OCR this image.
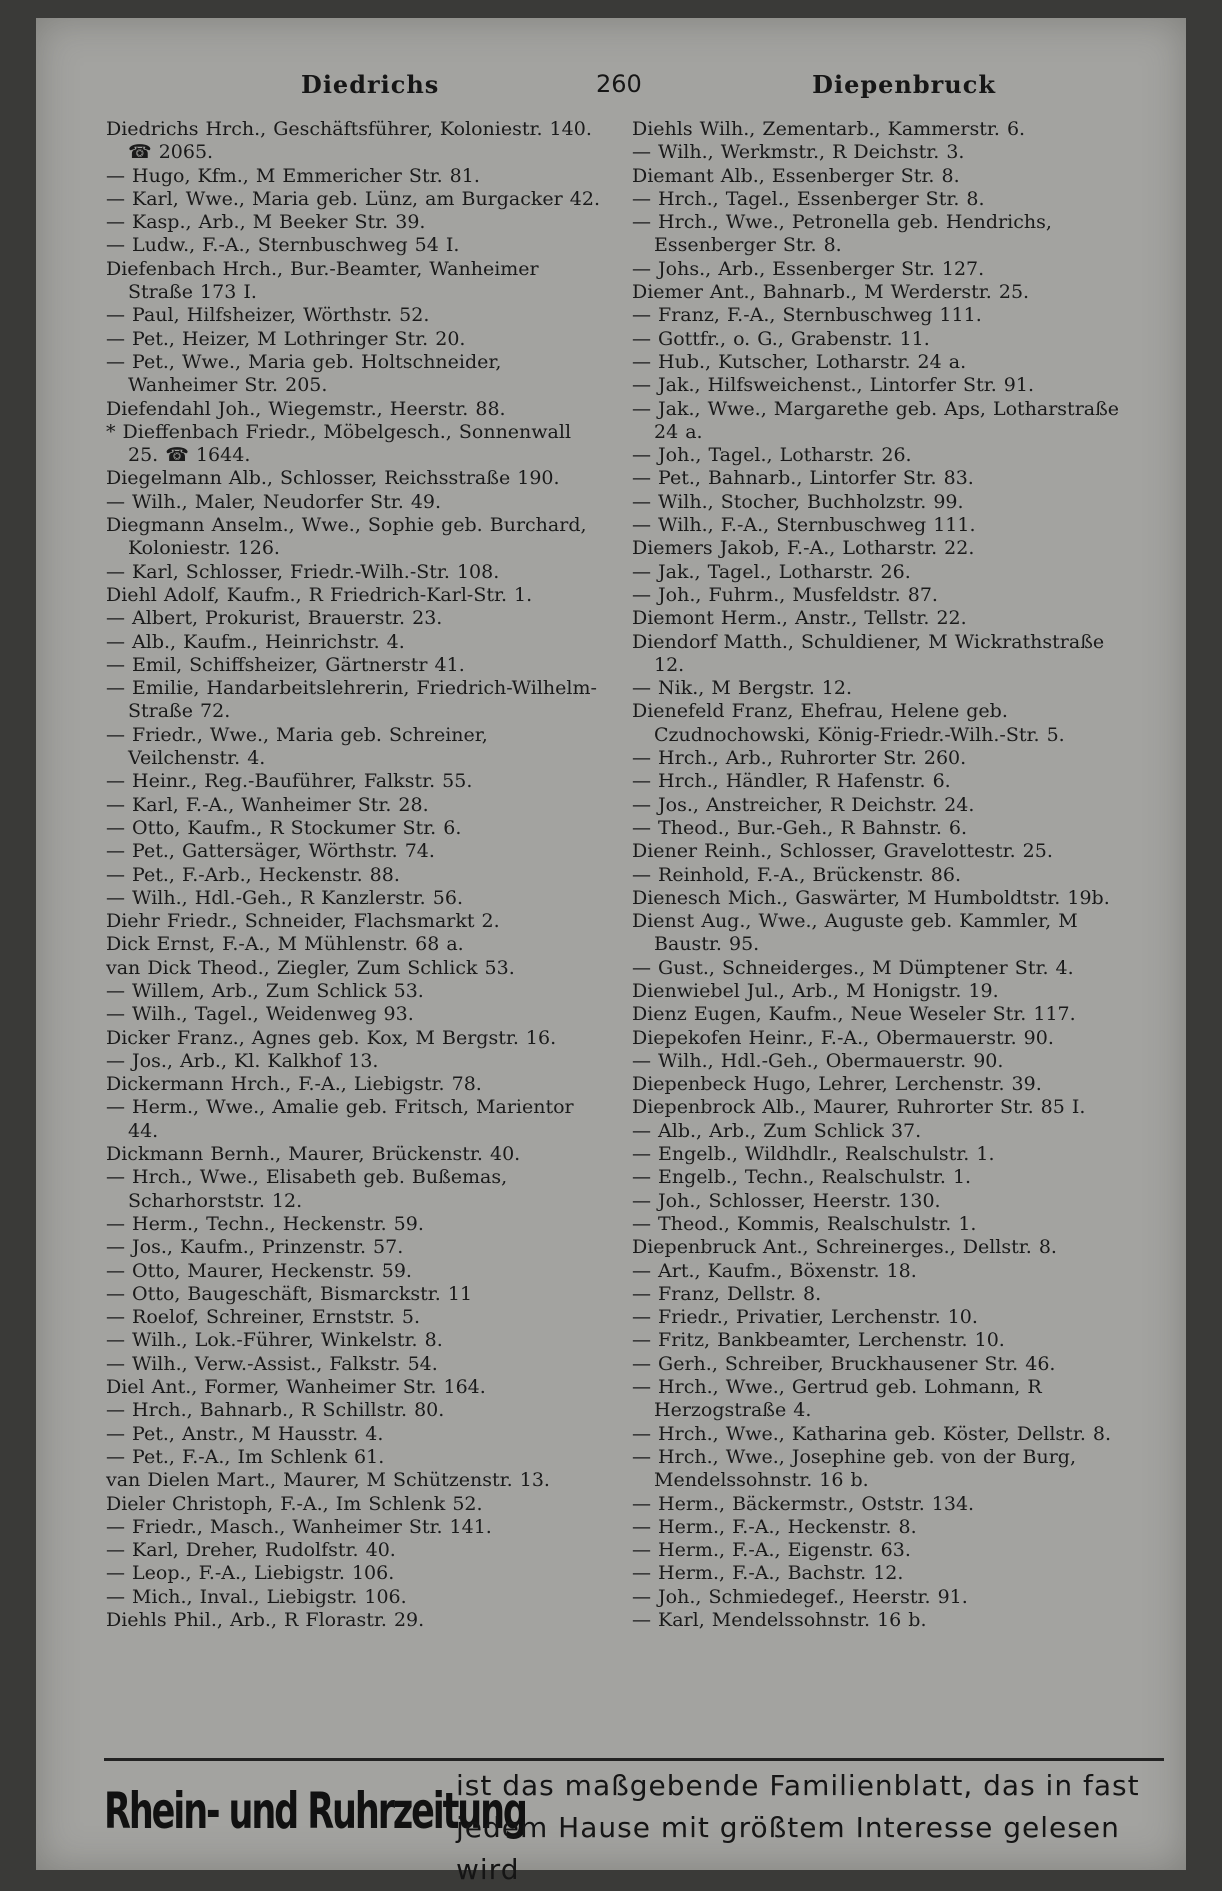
Diedrichs	260	Diepenbruck

Diedrichs Hrch., Geschäftsführer, Koloniestr. 140. ☎ 2065.

— Hugo, Kfm., M Emmericher Str. 81.

— Karl, Wwe., Maria geb. Lünz, am Burgacker 42.

— Kasp., Arb., M Beeker Str. 39.

— Ludw., F.-A., Sternbuschweg 54 I.

Diefenbach Hrch., Bur.-Beamter, Wanheimer Straße 173 I.

— Paul, Hilfsheizer, Wörthstr. 52.

— Pet., Heizer, M Lothringer Str. 20.

— Pet., Wwe., Maria geb. Holtschneider, Wanheimer Str. 205.

Diefendahl Joh., Wiegemstr., Heerstr. 88.

* Dieffenbach Friedr., Möbelgesch., Sonnenwall 25. ☎ 1644.

Diegelmann Alb., Schlosser, Reichsstraße 190.

— Wilh., Maler, Neudorfer Str. 49.

Diegmann Anselm., Wwe., Sophie geb. Burchard, Koloniestr. 126.

— Karl, Schlosser, Friedr.-Wilh.-Str. 108.

Diehl Adolf, Kaufm., R Friedrich-Karl-Str. 1.

— Albert, Prokurist, Brauerstr. 23.

— Alb., Kaufm., Heinrichstr. 4.

— Emil, Schiffsheizer, Gärtnerstr 41.

— Emilie, Handarbeitslehrerin, Friedrich-Wilhelm-Straße 72.

— Friedr., Wwe., Maria geb. Schreiner, Veilchenstr. 4.

— Heinr., Reg.-Bauführer, Falkstr. 55.

— Karl, F.-A., Wanheimer Str. 28.

— Otto, Kaufm., R Stockumer Str. 6.

— Pet., Gattersäger, Wörthstr. 74.

— Pet., F.-Arb., Heckenstr. 88.

— Wilh., Hdl.-Geh., R Kanzlerstr. 56.

Diehr Friedr., Schneider, Flachsmarkt 2.

Dick Ernst, F.-A., M Mühlenstr. 68 a.

van Dick Theod., Ziegler, Zum Schlick 53.

— Willem, Arb., Zum Schlick 53.

— Wilh., Tagel., Weidenweg 93.

Dicker Franz., Agnes geb. Kox, M Bergstr. 16.

— Jos., Arb., Kl. Kalkhof 13.

Dickermann Hrch., F.-A., Liebigstr. 78.

— Herm., Wwe., Amalie geb. Fritsch, Marientor 44.

Dickmann Bernh., Maurer, Brückenstr. 40.

— Hrch., Wwe., Elisabeth geb. Bußemas, Scharhorststr. 12.

— Herm., Techn., Heckenstr. 59.

— Jos., Kaufm., Prinzenstr. 57.

— Otto, Maurer, Heckenstr. 59.

— Otto, Baugeschäft, Bismarckstr. 11

— Roelof, Schreiner, Ernststr. 5.

— Wilh., Lok.-Führer, Winkelstr. 8.

— Wilh., Verw.-Assist., Falkstr. 54.

Diel Ant., Former, Wanheimer Str. 164.

— Hrch., Bahnarb., R Schillstr. 80.

— Pet., Anstr., M Hausstr. 4.

— Pet., F.-A., Im Schlenk 61.

van Dielen Mart., Maurer, M Schützenstr. 13.

Dieler Christoph, F.-A., Im Schlenk 52.

— Friedr., Masch., Wanheimer Str. 141.

— Karl, Dreher, Rudolfstr. 40.

— Leop., F.-A., Liebigstr. 106.

— Mich., Inval., Liebigstr. 106.

Diehls Phil., Arb., R Florastr. 29.

Diehls Wilh., Zementarb., Kammerstr. 6.

— Wilh., Werkmstr., R Deichstr. 3.

Diemant Alb., Essenberger Str. 8.

— Hrch., Tagel., Essenberger Str. 8.

— Hrch., Wwe., Petronella geb. Hendrichs, Essenberger Str. 8.

— Johs., Arb., Essenberger Str. 127.

Diemer Ant., Bahnarb., M Werderstr. 25.

— Franz, F.-A., Sternbuschweg 111.

— Gottfr., o. G., Grabenstr. 11.

— Hub., Kutscher, Lotharstr. 24 a.

— Jak., Hilfsweichenst., Lintorfer Str. 91.

— Jak., Wwe., Margarethe geb. Aps, Lotharstraße 24 a.

— Joh., Tagel., Lotharstr. 26.

— Pet., Bahnarb., Lintorfer Str. 83.

— Wilh., Stocher, Buchholzstr. 99.

— Wilh., F.-A., Sternbuschweg 111.

Diemers Jakob, F.-A., Lotharstr. 22.

— Jak., Tagel., Lotharstr. 26.

— Joh., Fuhrm., Musfeldstr. 87.

Diemont Herm., Anstr., Tellstr. 22.

Diendorf Matth., Schuldiener, M Wickrathstraße 12.

— Nik., M Bergstr. 12.

Dienefeld Franz, Ehefrau, Helene geb. Czudnochowski, König-Friedr.-Wilh.-Str. 5.

— Hrch., Arb., Ruhrorter Str. 260.

— Hrch., Händler, R Hafenstr. 6.

— Jos., Anstreicher, R Deichstr. 24.

— Theod., Bur.-Geh., R Bahnstr. 6.

Diener Reinh., Schlosser, Gravelottestr. 25.

— Reinhold, F.-A., Brückenstr. 86.

Dienesch Mich., Gaswärter, M Humboldtstr. 19b.

Dienst Aug., Wwe., Auguste geb. Kammler, M Baustr. 95.

— Gust., Schneiderges., M Dümptener Str. 4.

Dienwiebel Jul., Arb., M Honigstr. 19.

Dienz Eugen, Kaufm., Neue Weseler Str. 117.

Diepekofen Heinr., F.-A., Obermauerstr. 90.

— Wilh., Hdl.-Geh., Obermauerstr. 90.

Diepenbeck Hugo, Lehrer, Lerchenstr. 39.

Diepenbrock Alb., Maurer, Ruhrorter Str. 85 I.

— Alb., Arb., Zum Schlick 37.

— Engelb., Wildhdlr., Realschulstr. 1.

— Engelb., Techn., Realschulstr. 1.

— Joh., Schlosser, Heerstr. 130.

— Theod., Kommis, Realschulstr. 1.

Diepenbruck Ant., Schreinerges., Dellstr. 8.

— Art., Kaufm., Böxenstr. 18.

— Franz, Dellstr. 8.

— Friedr., Privatier, Lerchenstr. 10.

— Fritz, Bankbeamter, Lerchenstr. 10.

— Gerh., Schreiber, Bruckhausener Str. 46.

— Hrch., Wwe., Gertrud geb. Lohmann, R Herzogstraße 4.

— Hrch., Wwe., Katharina geb. Köster, Dellstr. 8.

— Hrch., Wwe., Josephine geb. von der Burg, Mendelssohnstr. 16 b.

— Herm., Bäckermstr., Oststr. 134.

— Herm., F.-A., Heckenstr. 8.

— Herm., F.-A., Eigenstr. 63.

— Herm., F.-A., Bachstr. 12.

— Joh., Schmiedegef., Heerstr. 91.

— Karl, Mendelssohnstr. 16 b.

Rhein- und Ruhrzeitung
ist das maßgebende Familienblatt, das in fast
jedem Hause mit größtem Interesse gelesen wird
